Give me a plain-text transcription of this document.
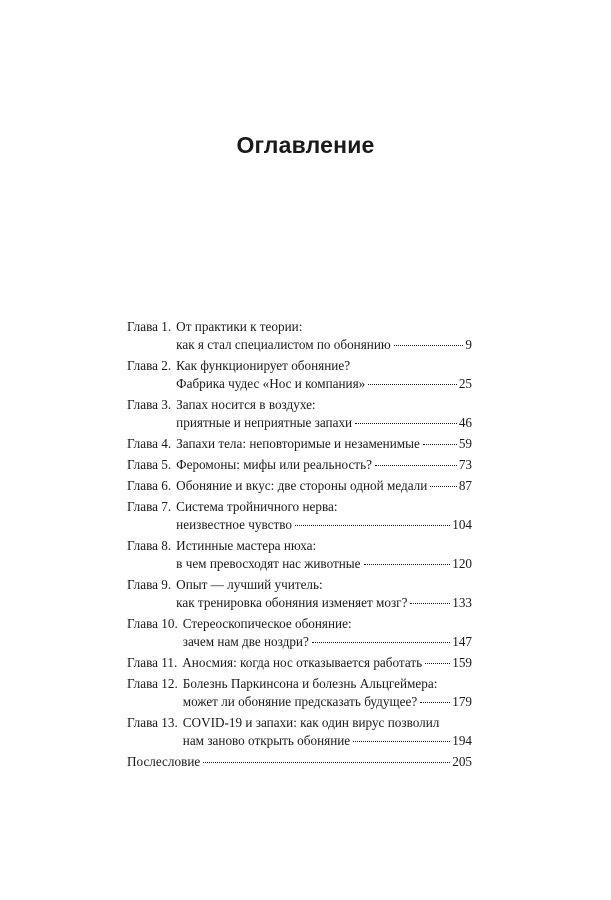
Оглавление
Глава 1. От практики к теории:
как я стал специалистом по обонянию	9
Глава 2. Как функционирует обоняние?
Фабрика чудес «Нос и компания»	25
Глава 3. Запах носится в воздухе:
приятные и неприятные запахи	46
Глава 4. Запахи тела: неповторимые и незаменимые	59
Глава 5. Феромоны: мифы или реальность?	73
Глава 6. Обоняние и вкус: две стороны одной медали 87
Глава 7. Система тройничного нерва:
неизвестное чувство	104
Глава 8. Истинные мастера нюха:
в чем превосходят нас животные	120
Глава 9. Опыт — лучший учитель:
как тренировка обоняния изменяет мозг?	133
Глава 10. Стереоскопическое обоняние:
зачем нам две ноздри?	147
Глава 11. Аносмия: когда нос отказывается работать 159
Глава 12. Болезнь Паркинсона и болезнь Альцгеймера:
может ли обоняние предсказать будущее?	179
Глава 13. COVID-19 и запахи: как один вирус позволил
нам заново открыть обоняние	194
Послесловие	205
